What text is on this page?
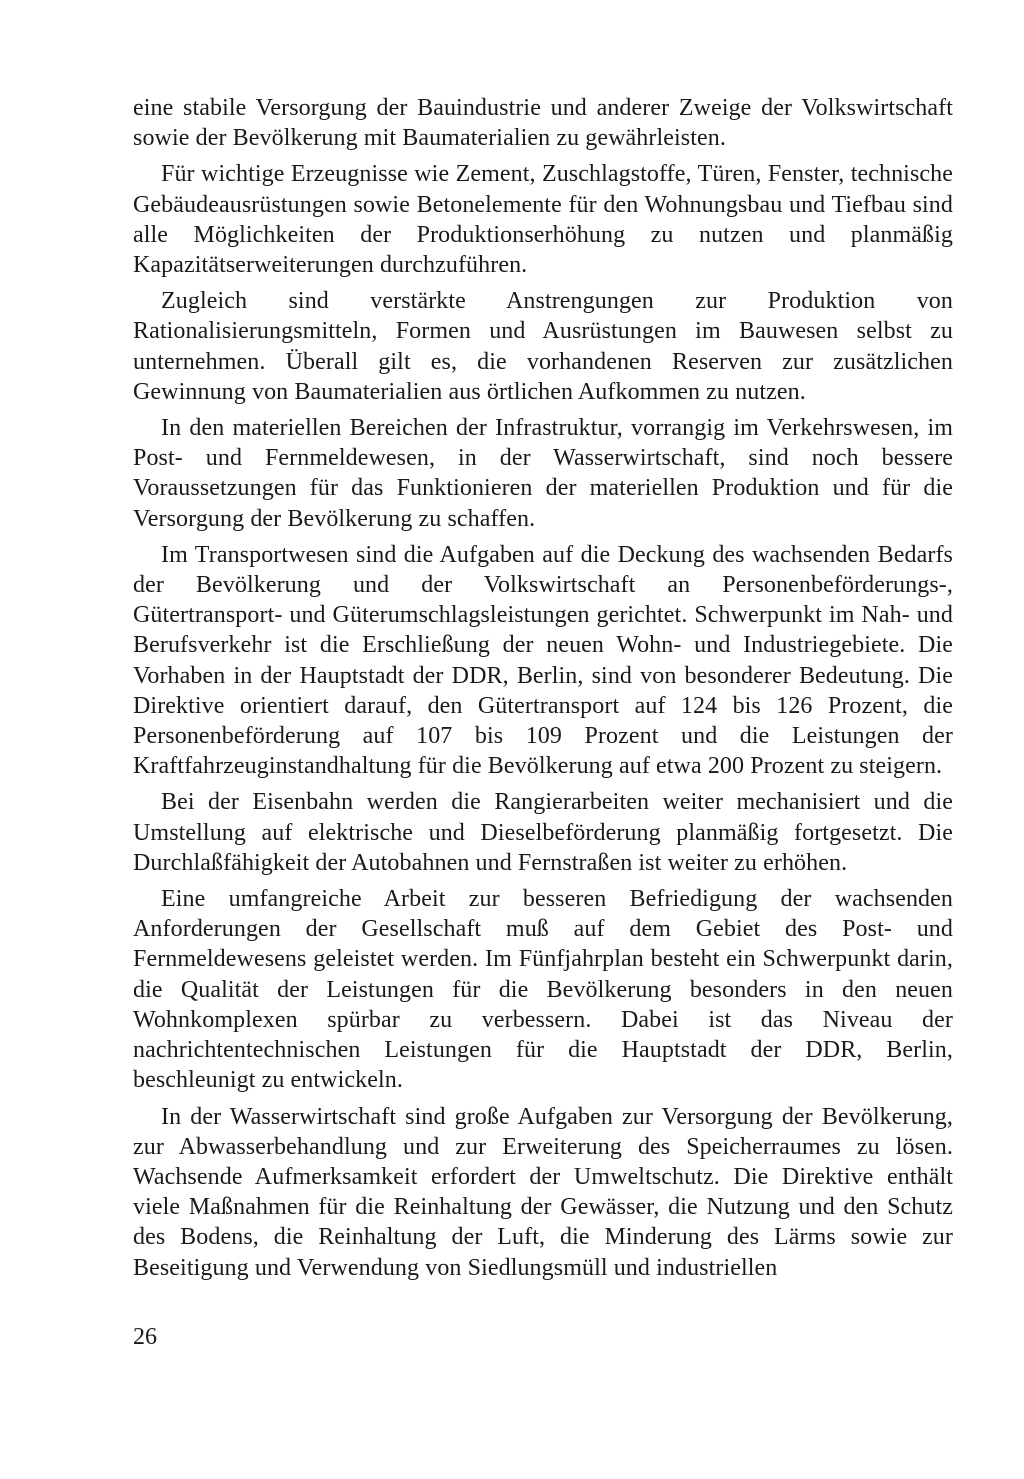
eine stabile Versorgung der Bauindustrie und anderer Zweige der Volkswirtschaft sowie der Bevölkerung mit Baumaterialien zu gewährleisten.

Für wichtige Erzeugnisse wie Zement, Zuschlagstoffe, Türen, Fenster, technische Gebäudeausrüstungen sowie Betonelemente für den Wohnungsbau und Tiefbau sind alle Möglichkeiten der Produktionserhöhung zu nutzen und planmäßig Kapazitätserweiterungen durchzuführen.

Zugleich sind verstärkte Anstrengungen zur Produktion von Rationalisierungsmitteln, Formen und Ausrüstungen im Bauwesen selbst zu unternehmen. Überall gilt es, die vorhandenen Reserven zur zusätzlichen Gewinnung von Baumaterialien aus örtlichen Aufkommen zu nutzen.

In den materiellen Bereichen der Infrastruktur, vorrangig im Verkehrswesen, im Post- und Fernmeldewesen, in der Wasserwirtschaft, sind noch bessere Voraussetzungen für das Funktionieren der materiellen Produktion und für die Versorgung der Bevölkerung zu schaffen.

Im Transportwesen sind die Aufgaben auf die Deckung des wachsenden Bedarfs der Bevölkerung und der Volkswirtschaft an Personenbeförderungs-, Gütertransport- und Güterumschlagsleistungen gerichtet. Schwerpunkt im Nah- und Berufsverkehr ist die Erschließung der neuen Wohn- und Industriegebiete. Die Vorhaben in der Hauptstadt der DDR, Berlin, sind von besonderer Bedeutung. Die Direktive orientiert darauf, den Gütertransport auf 124 bis 126 Prozent, die Personenbeförderung auf 107 bis 109 Prozent und die Leistungen der Kraftfahrzeuginstandhaltung für die Bevölkerung auf etwa 200 Prozent zu steigern.

Bei der Eisenbahn werden die Rangierarbeiten weiter mechanisiert und die Umstellung auf elektrische und Dieselbeförderung planmäßig fortgesetzt. Die Durchlaßfähigkeit der Autobahnen und Fernstraßen ist weiter zu erhöhen.

Eine umfangreiche Arbeit zur besseren Befriedigung der wachsenden Anforderungen der Gesellschaft muß auf dem Gebiet des Post- und Fernmeldewesens geleistet werden. Im Fünfjahrplan besteht ein Schwerpunkt darin, die Qualität der Leistungen für die Bevölkerung besonders in den neuen Wohnkomplexen spürbar zu verbessern. Dabei ist das Niveau der nachrichtentechnischen Leistungen für die Hauptstadt der DDR, Berlin, beschleunigt zu entwickeln.

In der Wasserwirtschaft sind große Aufgaben zur Versorgung der Bevölkerung, zur Abwasserbehandlung und zur Erweiterung des Speicherraumes zu lösen. Wachsende Aufmerksamkeit erfordert der Umweltschutz. Die Direktive enthält viele Maßnahmen für die Reinhaltung der Gewässer, die Nutzung und den Schutz des Bodens, die Reinhaltung der Luft, die Minderung des Lärms sowie zur Beseitigung und Verwendung von Siedlungsmüll und industriellen

26
